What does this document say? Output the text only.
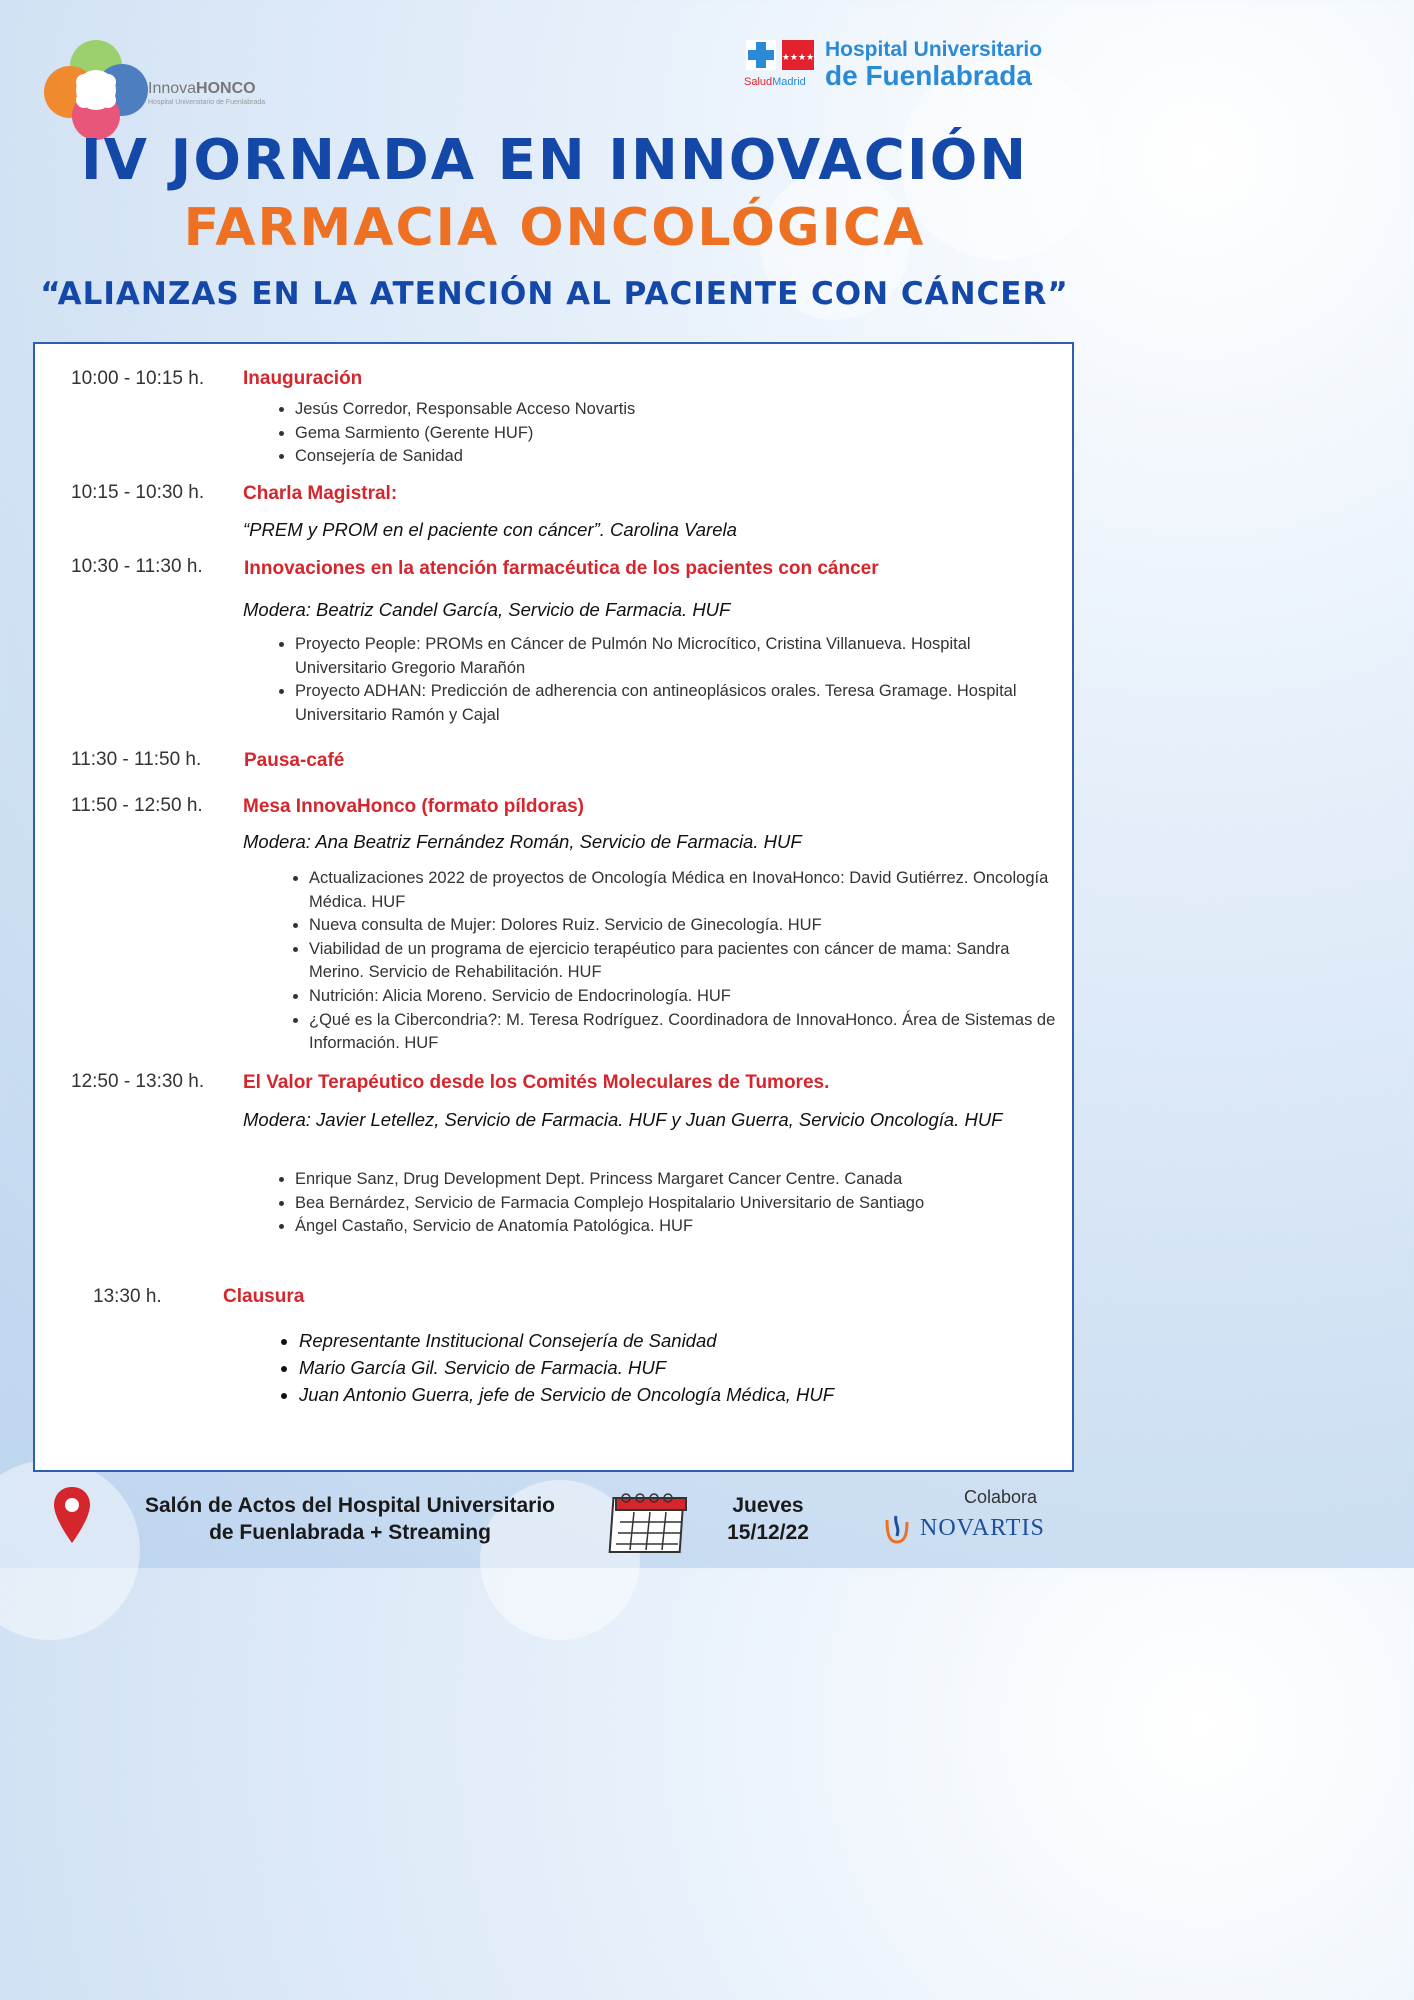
InnovaHONCO
Hospital Universitario de Fuenlabrada
★★★★
SaludMadrid
Hospital Universitario
de Fuenlabrada
IV JORNADA EN INNOVACIÓN
FARMACIA ONCOLÓGICA
“ALIANZAS EN LA ATENCIÓN AL PACIENTE CON CÁNCER”
10:00 - 10:15 h. Inauguración
• Jesús Corredor, Responsable Acceso Novartis
• Gema Sarmiento (Gerente HUF)
• Consejería de Sanidad
10:15 - 10:30 h. Charla Magistral:
“PREM y PROM en el paciente con cáncer”. Carolina Varela
10:30 - 11:30 h. Innovaciones en la atención farmacéutica de los pacientes con cáncer
Modera: Beatriz Candel García, Servicio de Farmacia. HUF
• Proyecto People: PROMs en Cáncer de Pulmón No Microcítico, Cristina Villanueva. Hospital Universitario Gregorio Marañón
• Proyecto ADHAN: Predicción de adherencia con antineoplásicos orales. Teresa Gramage. Hospital Universitario Ramón y Cajal
11:30 - 11:50 h. Pausa-café
11:50 - 12:50 h. Mesa InnovaHonco (formato píldoras)
Modera: Ana Beatriz Fernández Román, Servicio de Farmacia. HUF
• Actualizaciones 2022 de proyectos de Oncología Médica en InovaHonco: David Gutiérrez. Oncología Médica. HUF
• Nueva consulta de Mujer: Dolores Ruiz. Servicio de Ginecología. HUF
• Viabilidad de un programa de ejercicio terapéutico para pacientes con cáncer de mama: Sandra Merino. Servicio de Rehabilitación. HUF
• Nutrición: Alicia Moreno. Servicio de Endocrinología. HUF
• ¿Qué es la Cibercondria?: M. Teresa Rodríguez. Coordinadora de InnovaHonco. Área de Sistemas de Información. HUF
12:50 - 13:30 h. El Valor Terapéutico desde los Comités Moleculares de Tumores.
Modera: Javier Letellez, Servicio de Farmacia. HUF y Juan Guerra, Servicio Oncología. HUF
• Enrique Sanz, Drug Development Dept. Princess Margaret Cancer Centre. Canada
• Bea Bernárdez, Servicio de Farmacia Complejo Hospitalario Universitario de Santiago
• Ángel Castaño, Servicio de Anatomía Patológica. HUF
13:30 h.	Clausura
• Representante Institucional Consejería de Sanidad
• Mario García Gil. Servicio de Farmacia. HUF
• Juan Antonio Guerra, jefe de Servicio de Oncología Médica, HUF
Salón de Actos del Hospital Universitario
de Fuenlabrada + Streaming
Jueves
15/12/22
Colabora
NOVARTIS
